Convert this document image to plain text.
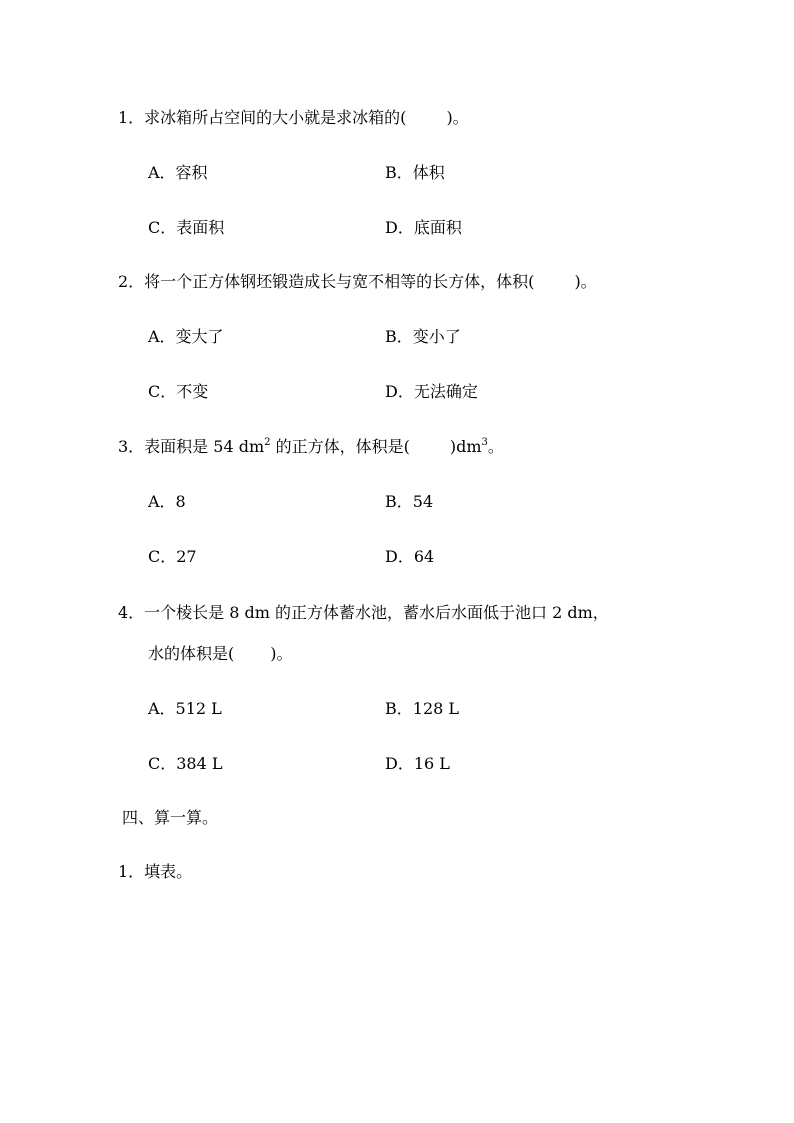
1．求冰箱所占空间的大小就是求冰箱的(	)。
A．容积	B．体积
C．表面积	D．底面积
2．将一个正方体钢坯锻造成长与宽不相等的长方体，体积(	)。
A．变大了	B．变小了
C．不变	D．无法确定
3．表面积是 54 $dm^2$ 的正方体，体积是(	)$dm^3$。
A．8	B．54
C．27	D．64
4．一个棱长是 8 dm 的正方体蓄水池，蓄水后水面低于池口 2 dm，
水的体积是( )。
A．512 L	B．128 L
C．384 L	D．16 L
四、算一算。
1．填表。
